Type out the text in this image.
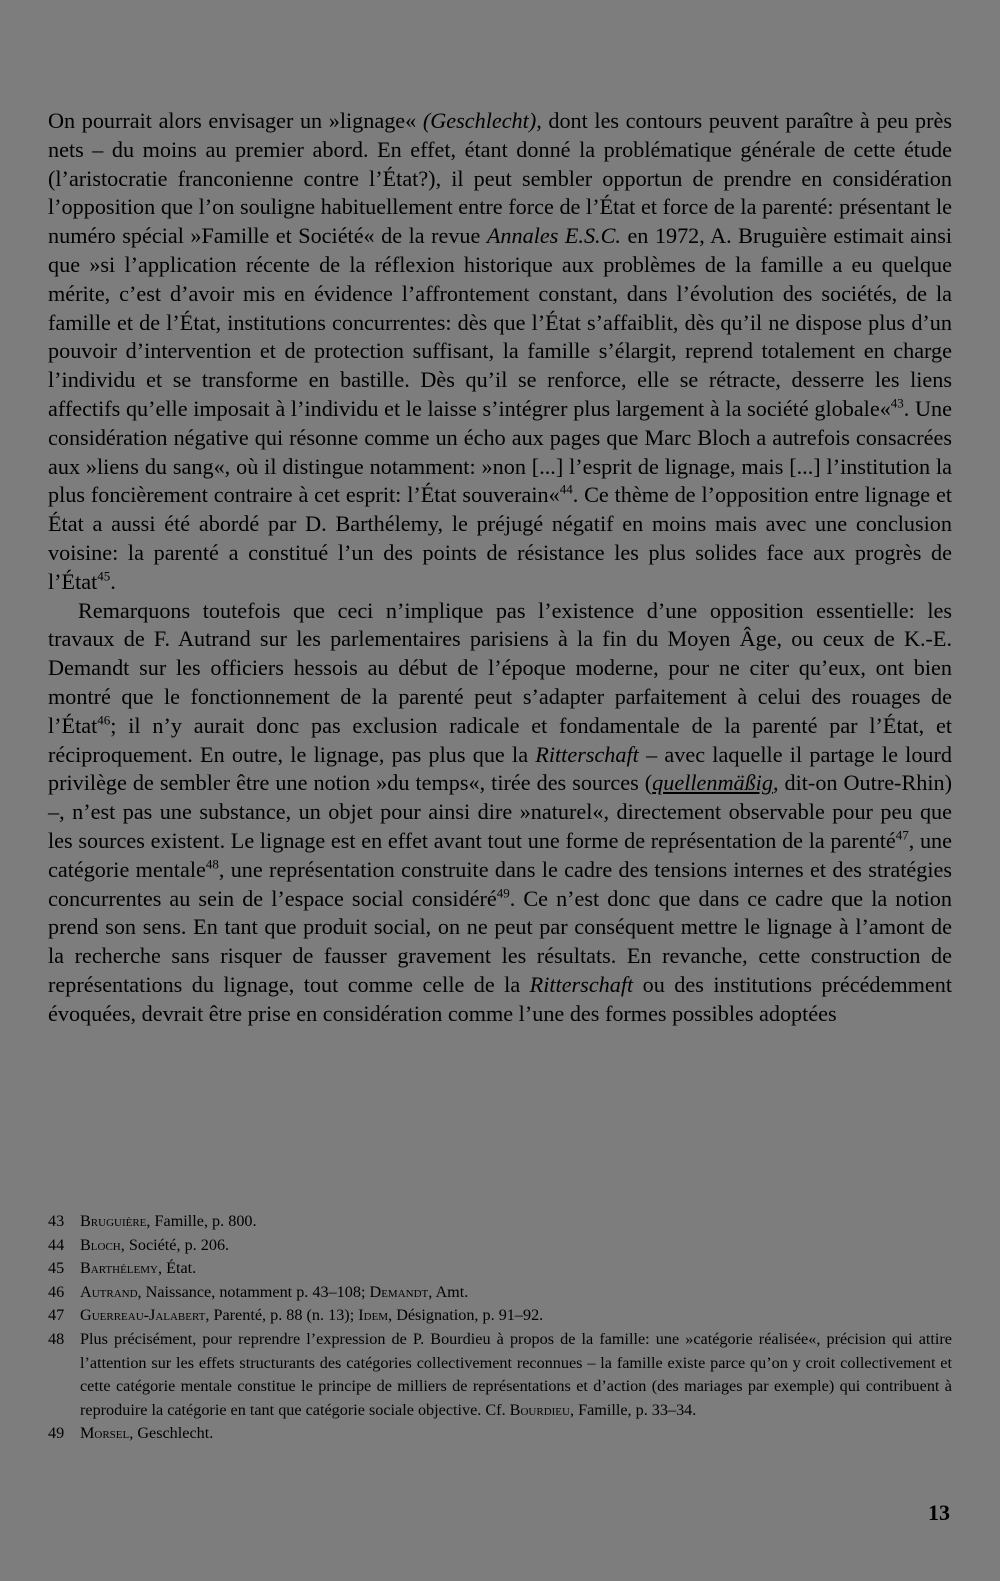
On pourrait alors envisager un »lignage« (Geschlecht), dont les contours peuvent paraître à peu près nets – du moins au premier abord. En effet, étant donné la problématique générale de cette étude (l’aristocratie franconienne contre l’État?), il peut sembler opportun de prendre en considération l’opposition que l’on souligne habituellement entre force de l’État et force de la parenté: présentant le numéro spécial »Famille et Société« de la revue Annales E.S.C. en 1972, A. Bruguière estimait ainsi que »si l’application récente de la réflexion historique aux problèmes de la famille a eu quelque mérite, c’est d’avoir mis en évidence l’affrontement constant, dans l’évolution des sociétés, de la famille et de l’État, institutions concurrentes: dès que l’État s’affaiblit, dès qu’il ne dispose plus d’un pouvoir d’intervention et de protection suffisant, la famille s’élargit, reprend totalement en charge l’individu et se transforme en bastille. Dès qu’il se renforce, elle se rétracte, desserre les liens affectifs qu’elle imposait à l’individu et le laisse s’intégrer plus largement à la société globale«$^{43}$. Une considération négative qui résonne comme un écho aux pages que Marc Bloch a autrefois consacrées aux »liens du sang«, où il distingue notamment: »non [...] l’esprit de lignage, mais [...] l’institution la plus foncièrement contraire à cet esprit: l’État souverain«$^{44}$. Ce thème de l’opposition entre lignage et État a aussi été abordé par D. Barthélemy, le préjugé négatif en moins mais avec une conclusion voisine: la parenté a constitué l’un des points de résistance les plus solides face aux progrès de l’État$^{45}$.

Remarquons toutefois que ceci n’implique pas l’existence d’une opposition essentielle: les travaux de F. Autrand sur les parlementaires parisiens à la fin du Moyen Âge, ou ceux de K.-E. Demandt sur les officiers hessois au début de l’époque moderne, pour ne citer qu’eux, ont bien montré que le fonctionnement de la parenté peut s’adapter parfaitement à celui des rouages de l’État$^{46}$; il n’y aurait donc pas exclusion radicale et fondamentale de la parenté par l’État, et réciproquement. En outre, le lignage, pas plus que la Ritterschaft – avec laquelle il partage le lourd privilège de sembler être une notion »du temps«, tirée des sources (quellenmäßig, dit-on Outre-Rhin) –, n’est pas une substance, un objet pour ainsi dire »naturel«, directement observable pour peu que les sources existent. Le lignage est en effet avant tout une forme de représentation de la parenté$^{47}$, une catégorie mentale$^{48}$, une représentation construite dans le cadre des tensions internes et des stratégies concurrentes au sein de l’espace social considéré$^{49}$. Ce n’est donc que dans ce cadre que la notion prend son sens. En tant que produit social, on ne peut par conséquent mettre le lignage à l’amont de la recherche sans risquer de fausser gravement les résultats. En revanche, cette construction de représentations du lignage, tout comme celle de la Ritterschaft ou des institutions précédemment évoquées, devrait être prise en considération comme l’une des formes possibles adoptées

43 Bruguière, Famille, p. 800.
44 Bloch, Société, p. 206.
45 Barthélemy, État.
46 Autrand, Naissance, notamment p. 43–108; Demandt, Amt.
47 Guerreau-Jalabert, Parenté, p. 88 (n. 13); Idem, Désignation, p. 91–92.
48 Plus précisément, pour reprendre l’expression de P. Bourdieu à propos de la famille: une »catégorie réalisée«, précision qui attire l’attention sur les effets structurants des catégories collectivement reconnues – la famille existe parce qu’on y croit collectivement et cette catégorie mentale constitue le principe de milliers de représentations et d’action (des mariages par exemple) qui contribuent à reproduire la catégorie en tant que catégorie sociale objective. Cf. Bourdieu, Famille, p. 33–34.
49 Morsel, Geschlecht.
13
